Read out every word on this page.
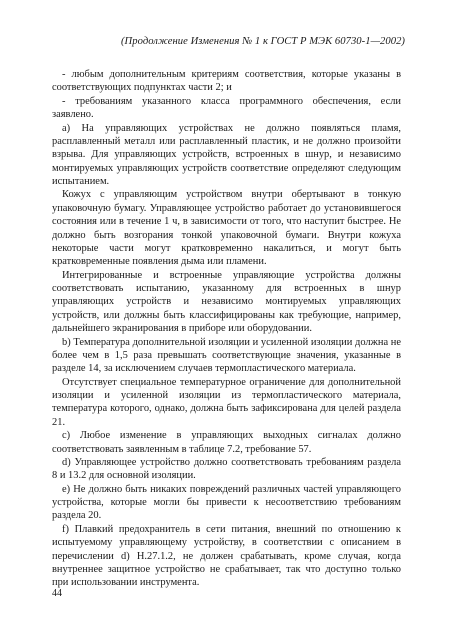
(Продолжение Изменения № 1 к ГОСТ Р МЭК 60730-1—2002)

- любым дополнительным критериям соответствия, которые указаны в соответствующих подпунктах части 2; и

- требованиям указанного класса программного обеспечения, если заявлено.

а) На управляющих устройствах не должно появляться пламя, расплавленный металл или расплавленный пластик, и не должно произойти взрыва. Для управляющих устройств, встроенных в шнур, и независимо монтируемых управляющих устройств соответствие определяют следующим испытанием.

Кожух с управляющим устройством внутри обертывают в тонкую упаковочную бумагу. Управляющее устройство работает до установившегося состояния или в течение 1 ч, в зависимости от того, что наступит быстрее. Не должно быть возгорания тонкой упаковочной бумаги. Внутри кожуха некоторые части могут кратковременно накалиться, и могут быть кратковременные появления дыма или пламени.

Интегрированные и встроенные управляющие устройства должны соответствовать испытанию, указанному для встроенных в шнур управляющих устройств и независимо монтируемых управляющих устройств, или должны быть классифицированы как требующие, например, дальнейшего экранирования в приборе или оборудовании.

b) Температура дополнительной изоляции и усиленной изоляции должна не более чем в 1,5 раза превышать соответствующие значения, указанные в разделе 14, за исключением случаев термопластического материала.

Отсутствует специальное температурное ограничение для дополнительной изоляции и усиленной изоляции из термопластического материала, температура которого, однако, должна быть зафиксирована для целей раздела 21.

c) Любое изменение в управляющих выходных сигналах должно соответствовать заявленным в таблице 7.2, требование 57.

d) Управляющее устройство должно соответствовать требованиям раздела 8 и 13.2 для основной изоляции.

e) Не должно быть никаких повреждений различных частей управляющего устройства, которые могли бы привести к несоответствию требованиям раздела 20.

f) Плавкий предохранитель в сети питания, внешний по отношению к испытуемому управляющему устройству, в соответствии с описанием в перечислении d) Н.27.1.2, не должен срабатывать, кроме случая, когда внутреннее защитное устройство не срабатывает, так что доступно только при использовании инструмента.

44
